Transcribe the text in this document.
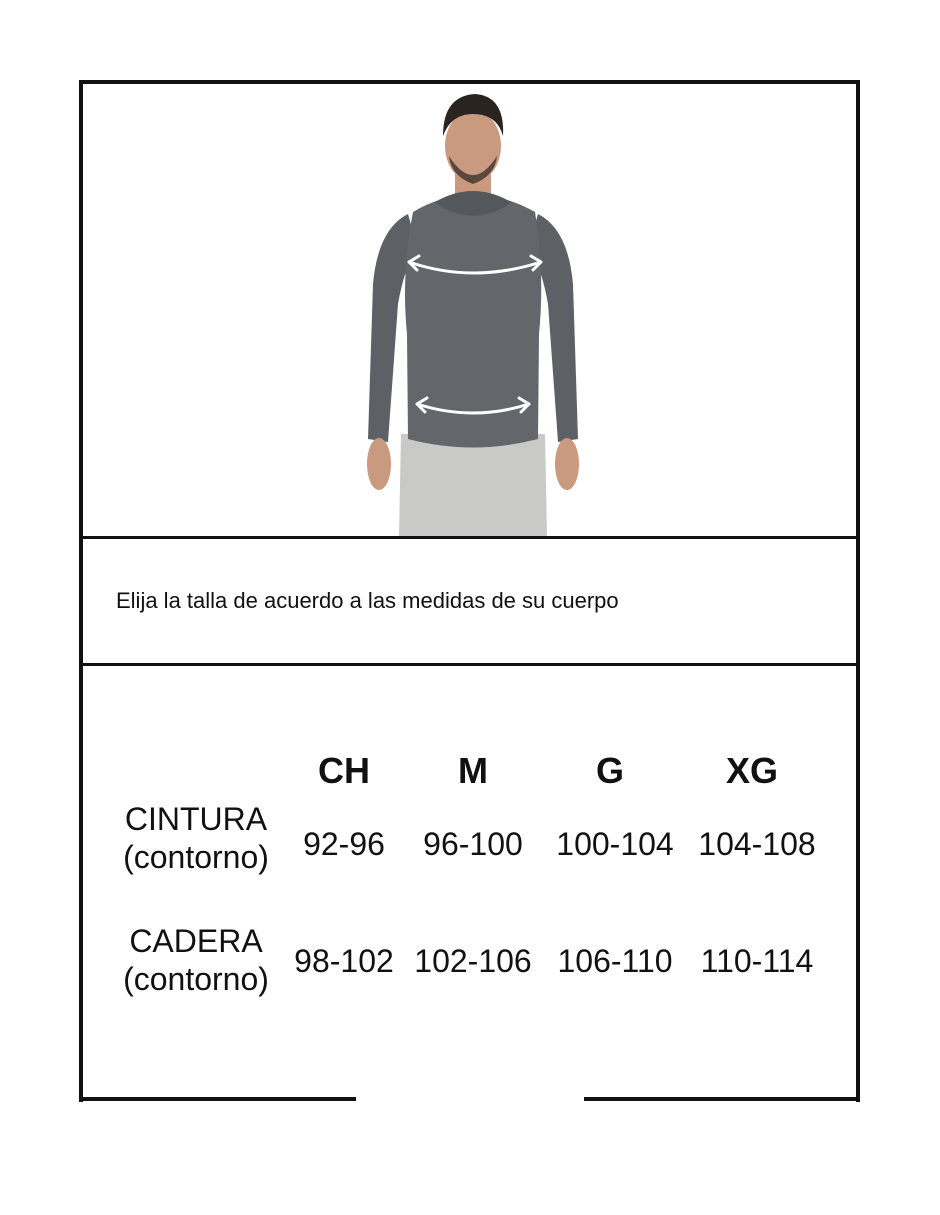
Elija la talla de acuerdo a las medidas de su cuerpo
CH	M	G	XG
CINTURA
(contorno)	92-96	96-100	100-104 104-108
CADERA
(contorno) 98-102 102-106 106-110 110-114
